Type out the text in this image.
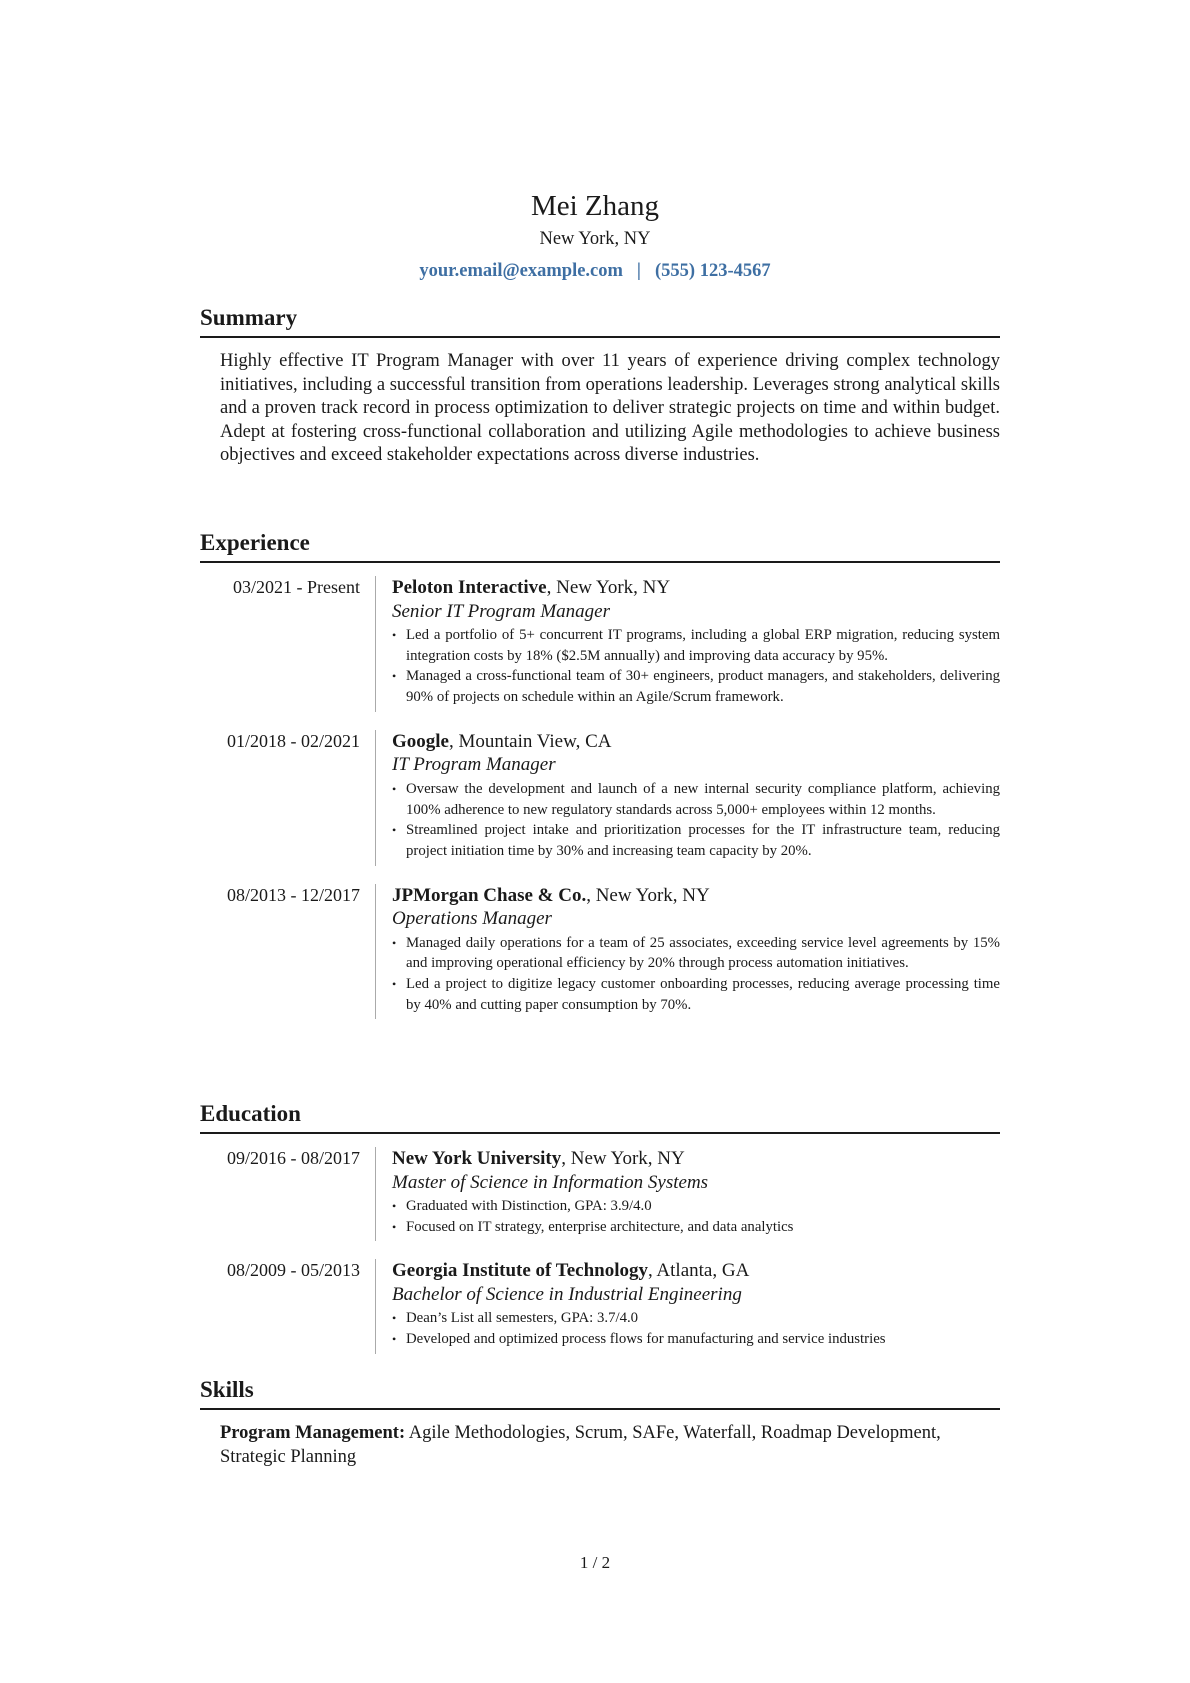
Mei Zhang
New York, NY
your.email@example.com | (555) 123-4567
Summary

Highly effective IT Program Manager with over 11 years of experience driving complex technology initiatives, including a successful transition from operations leadership. Leverages strong analytical skills and a proven track record in process optimization to deliver strategic projects on time and within budget. Adept at fostering cross-functional collaboration and utilizing Agile methodologies to achieve business objectives and exceed stakeholder expectations across diverse industries.

Experience
03/2021 - Present	Peloton Interactive, New York, NY
Senior IT Program Manager
• Led a portfolio of 5+ concurrent IT programs, including a global ERP migration, reducing system integration costs by 18% ($2.5M annually) and improving data accuracy by 95%.
• Managed a cross-functional team of 30+ engineers, product managers, and stakeholders, delivering 90% of projects on schedule within an Agile/Scrum framework.
01/2018 - 02/2021	Google, Mountain View, CA
IT Program Manager
• Oversaw the development and launch of a new internal security compliance platform, achieving 100% adherence to new regulatory standards across 5,000+ employees within 12 months.
• Streamlined project intake and prioritization processes for the IT infrastructure team, reducing project initiation time by 30% and increasing team capacity by 20%.
08/2013 - 12/2017	JPMorgan Chase & Co., New York, NY
Operations Manager
• Managed daily operations for a team of 25 associates, exceeding service level agreements by 15% and improving operational efficiency by 20% through process automation initiatives.
• Led a project to digitize legacy customer onboarding processes, reducing average processing time by 40% and cutting paper consumption by 70%.
Education
09/2016 - 08/2017	New York University, New York, NY
Master of Science in Information Systems
• Graduated with Distinction, GPA: 3.9/4.0
• Focused on IT strategy, enterprise architecture, and data analytics
08/2009 - 05/2013	Georgia Institute of Technology, Atlanta, GA
Bachelor of Science in Industrial Engineering
• Dean’s List all semesters, GPA: 3.7/4.0
• Developed and optimized process flows for manufacturing and service industries
Skills

Program Management: Agile Methodologies, Scrum, SAFe, Waterfall, Roadmap Development, Strategic Planning

1 / 2
